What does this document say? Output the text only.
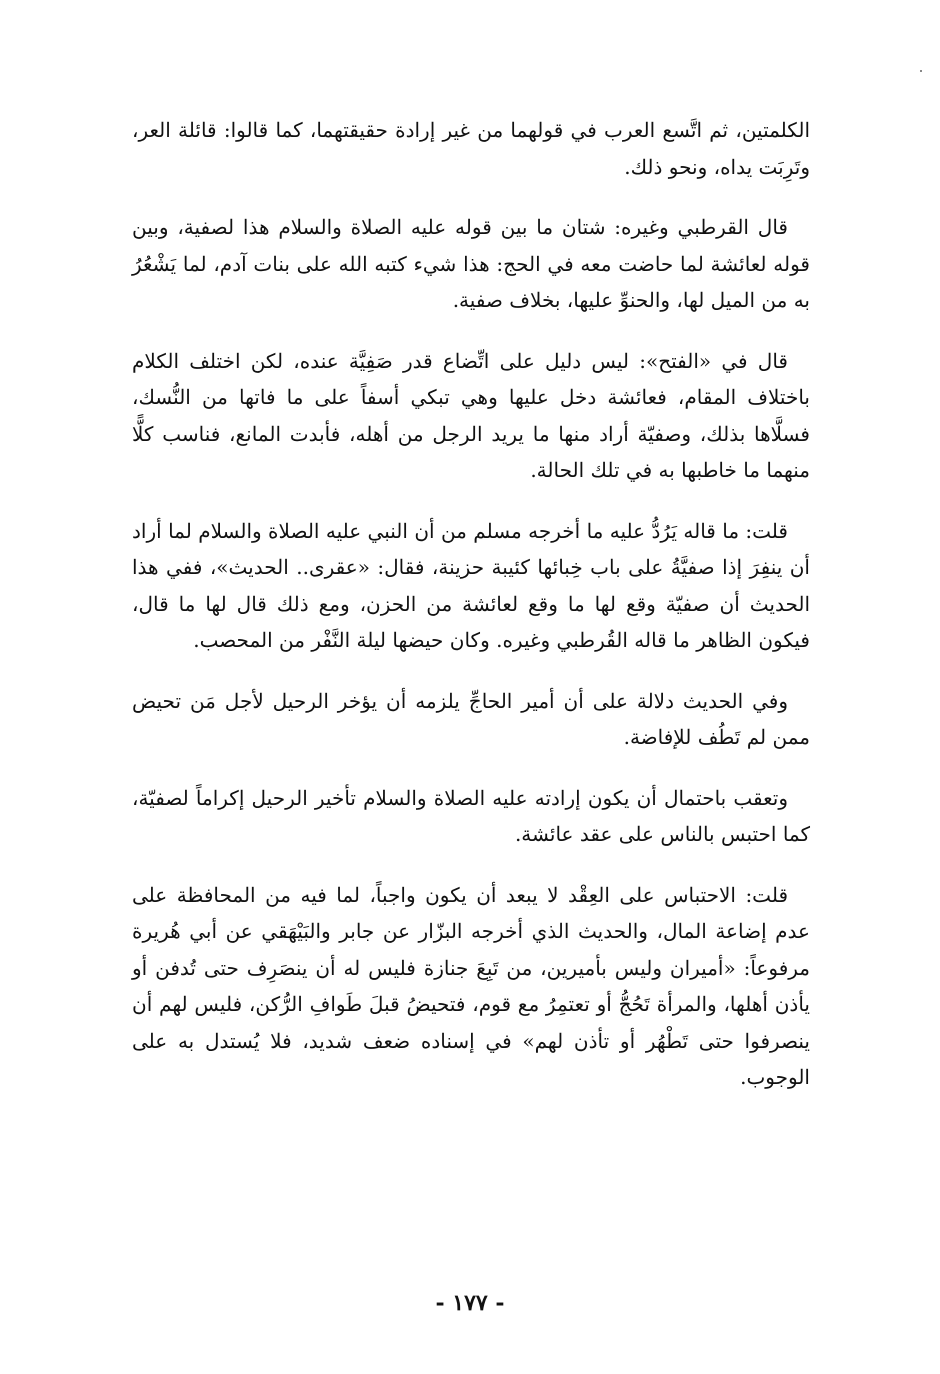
الكلمتين، ثم اتَّسع العرب في قولهما من غير إرادة حقيقتهما، كما قالوا: قائلة العر، وتَرِبَت يداه، ونحو ذلك.

قال القرطبي وغيره: شتان ما بين قوله عليه الصلاة والسلام هذا لصفية، وبين قوله لعائشة لما حاضت معه في الحج: هذا شيء كتبه الله على بنات آدم، لما يَشْعُرُ به من الميل لها، والحنوِّ عليها، بخلاف صفية.

قال في «الفتح»: ليس دليل على اتِّضاع قدر صَفِيَّة عنده، لكن اختلف الكلام باختلاف المقام، فعائشة دخل عليها وهي تبكي أسفاً على ما فاتها من النُّسك، فسلَّاها بذلك، وصفيّة أراد منها ما يريد الرجل من أهله، فأبدت المانع، فناسب كلًّا منهما ما خاطبها به في تلك الحالة.

قلت: ما قاله يَرُدُّ عليه ما أخرجه مسلم من أن النبي عليه الصلاة والسلام لما أراد أن ينفِرَ إذا صفيَّةُ على باب خِبائها كئيبة حزينة، فقال: «عقرى.. الحديث»، ففي هذا الحديث أن صفيّة وقع لها ما وقع لعائشة من الحزن، ومع ذلك قال لها ما قال، فيكون الظاهر ما قاله القُرطبي وغيره. وكان حيضها ليلة النَّفْر من المحصب.

وفي الحديث دلالة على أن أمير الحاجِّ يلزمه أن يؤخر الرحيل لأجل مَن تحيض ممن لم تَطُف للإفاضة.

وتعقب باحتمال أن يكون إرادته عليه الصلاة والسلام تأخير الرحيل إكراماً لصفيّة، كما احتبس بالناس على عقد عائشة.

قلت: الاحتباس على العِقْد لا يبعد أن يكون واجباً، لما فيه من المحافظة على عدم إضاعة المال، والحديث الذي أخرجه البزّار عن جابر والبَيْهَقي عن أبي هُريرة مرفوعاً: «أميران وليس بأميرين، من تَبِعَ جنازة فليس له أن ينصَرِف حتى تُدفن أو يأذن أهلها، والمرأة تَحُجُّ أو تعتمِرُ مع قوم، فتحيضُ قبلَ طَوافِ الرُّكن، فليس لهم أن ينصرفوا حتى تَطْهُر أو تأذن لهم» في إسناده ضعف شديد، فلا يُستدل به على الوجوب.

- ١٧٧ -
